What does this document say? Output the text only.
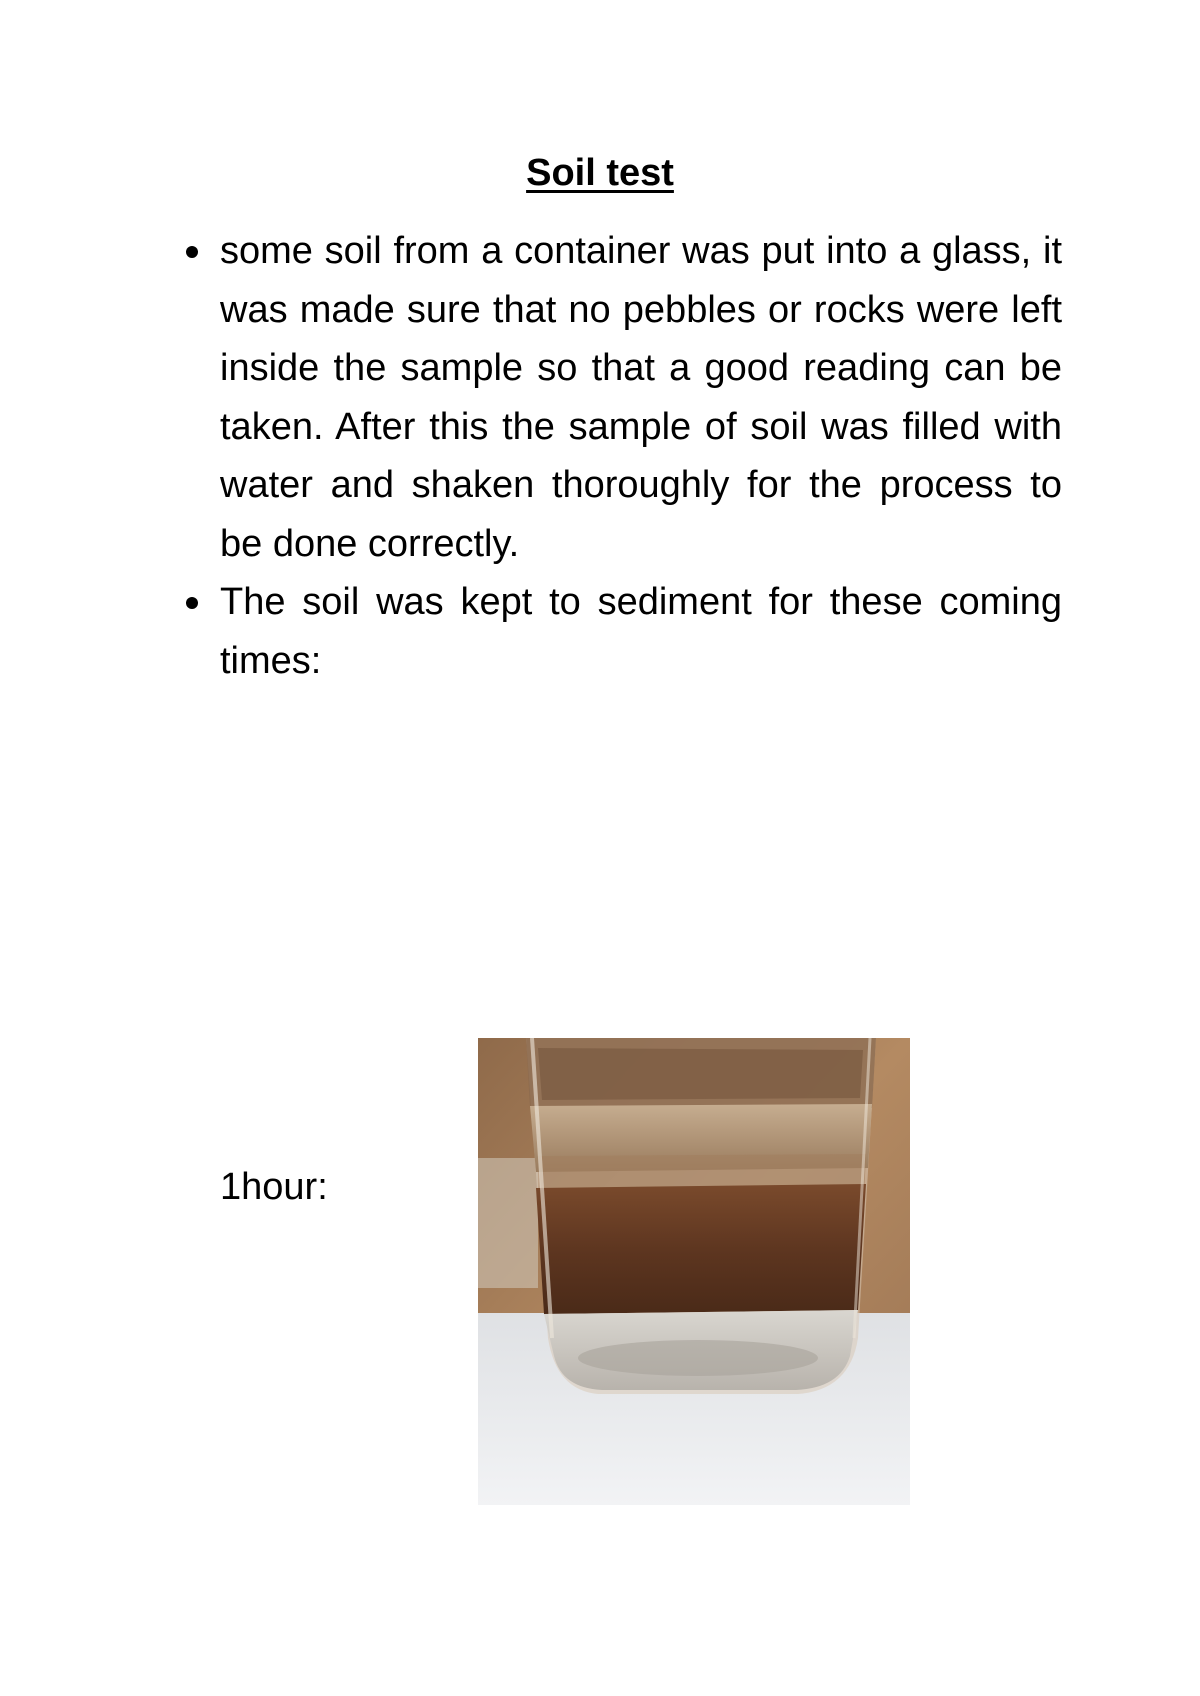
Soil test
some soil from a container was put into a glass, it was made sure that no pebbles or rocks were left inside the sample so that a good reading can be taken. After this the sample of soil was filled with water and shaken thoroughly for the process to be done correctly.
The soil was kept to sediment for these coming times:
1hour:
